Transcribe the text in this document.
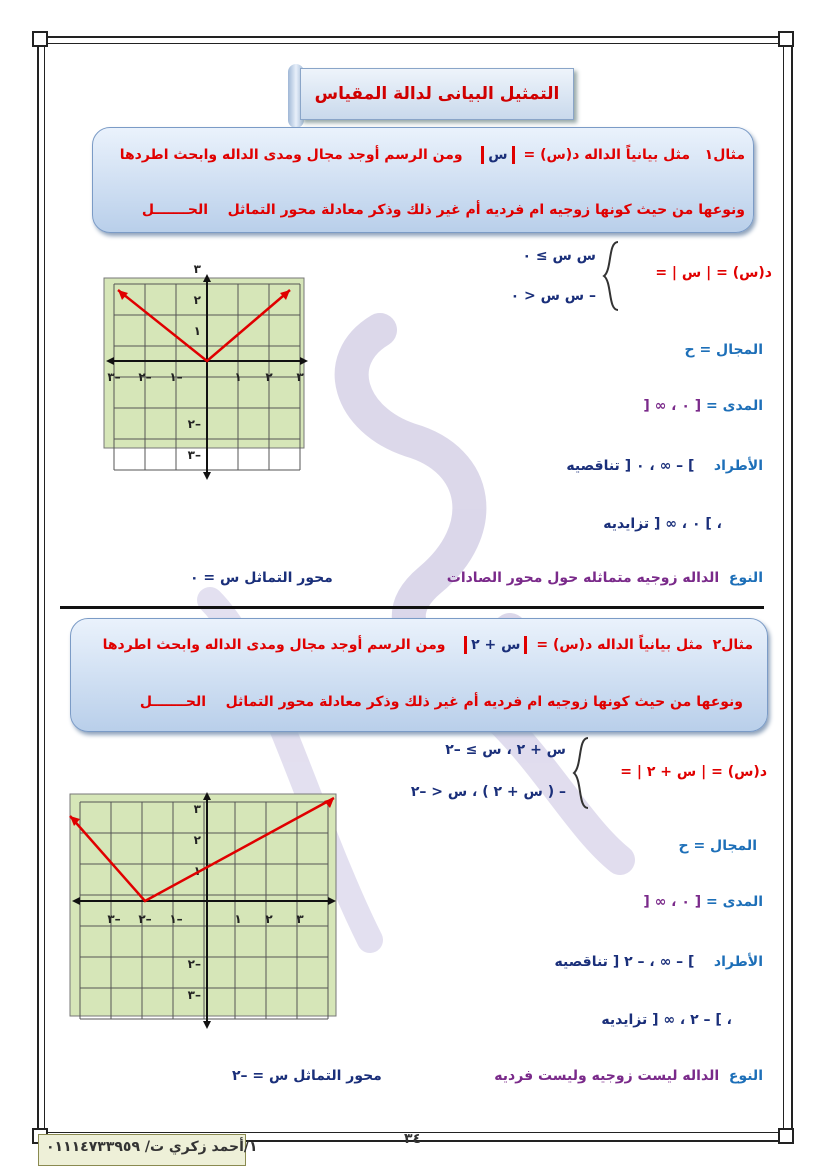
التمثيل البيانى لدالة المقياس
مثال١   مثل بيانياً الداله د(س) = س   ومن الرسم أوجد مجال ومدى الداله وابحث اطردها
ونوعها من حيث كونها زوجيه ام فرديه أم غير ذلك وذكر معادلة محور التماثل    الحـــــــل
د(س) = | س | =
س س ≥ ٠
– س س < ٠
٣– ٢– ١–	١ ٢ ٣
٣
٢
١
٢–
٣–
المجال = ح
المدى = [ ٠ ، ∞ [
الأطراد    ] – ∞ ، ٠ [ تناقصيه
، ] ٠ ، ∞ [ تزايديه
النوع  الداله زوجيه متماثله حول محور الصادات
محور التماثل س = ٠
مثال٢  مثل بيانياً الداله د(س) = س + ٢   ومن الرسم أوجد مجال ومدى الداله وابحث اطردها
ونوعها من حيث كونها زوجيه ام فرديه أم غير ذلك وذكر معادلة محور التماثل    الحـــــــل
د(س) = | س + ٢ | =
س + ٢ ، س ≥ –٢
– ( س + ٢ ) ، س < –٢
٣– ٢– ١–	١ ٢ ٣
٣
٢
١
٢–
٣–
المجال = ح
المدى = [ ٠ ، ∞ [
الأطراد    ] – ∞ ، – ٢ [ تناقصيه
، ] – ٢ ، ∞ [ تزايديه
النوع  الداله ليست زوجيه وليست فرديه
محور التماثل س = –٢
١/أحمد زكري ت/ ٠١١١٤٧٣٣٩٥٩	٣٤
